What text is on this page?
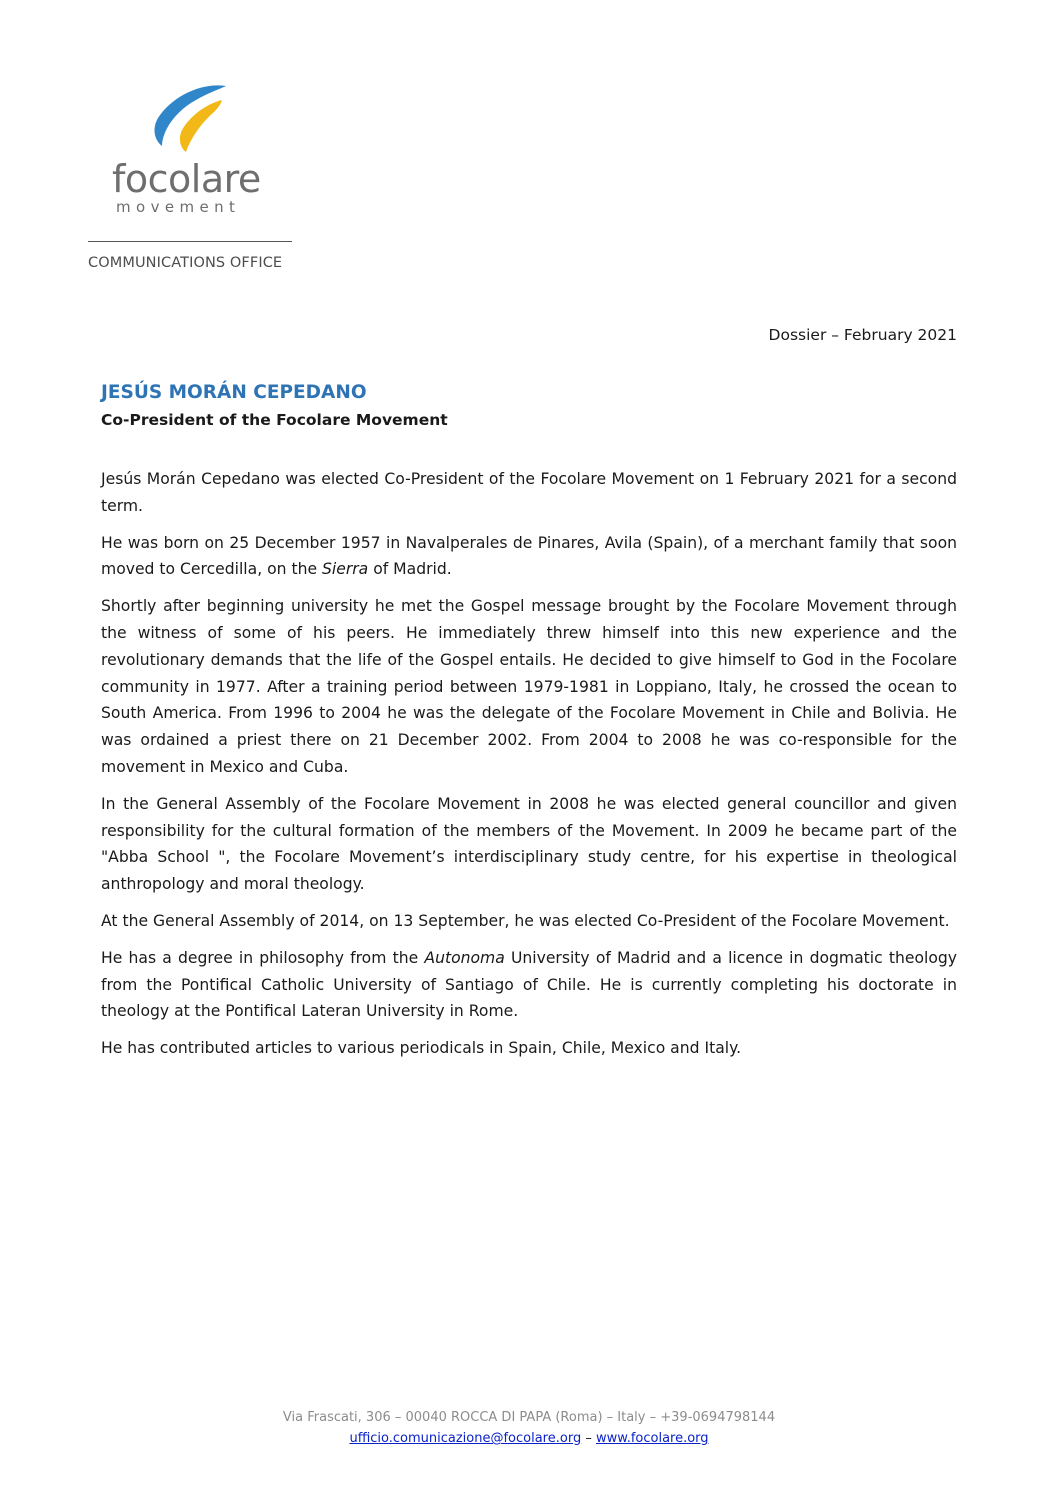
focolare
movement
COMMUNICATIONS OFFICE
Dossier – February 2021
JESÚS MORÁN CEPEDANO
Co-President of the Focolare Movement

Jesús Morán Cepedano was elected Co-President of the Focolare Movement on 1 February 2021 for a second term.

He was born on 25 December 1957 in Navalperales de Pinares, Avila (Spain), of a merchant family that soon moved to Cercedilla, on the Sierra of Madrid.

Shortly after beginning university he met the Gospel message brought by the Focolare Movement through the witness of some of his peers. He immediately threw himself into this new experience and the revolutionary demands that the life of the Gospel entails. He decided to give himself to God in the Focolare community in 1977. After a training period between 1979-1981 in Loppiano, Italy, he crossed the ocean to South America. From 1996 to 2004 he was the delegate of the Focolare Movement in Chile and Bolivia. He was ordained a priest there on 21 December 2002. From 2004 to 2008 he was co-responsible for the movement in Mexico and Cuba.

In the General Assembly of the Focolare Movement in 2008 he was elected general councillor and given responsibility for the cultural formation of the members of the Movement. In 2009 he became part of the "Abba School ", the Focolare Movement’s interdisciplinary study centre, for his expertise in theological anthropology and moral theology.

At the General Assembly of 2014, on 13 September, he was elected Co-President of the Focolare Movement.

He has a degree in philosophy from the Autonoma University of Madrid and a licence in dogmatic theology from the Pontifical Catholic University of Santiago of Chile. He is currently completing his doctorate in theology at the Pontifical Lateran University in Rome.

He has contributed articles to various periodicals in Spain, Chile, Mexico and Italy.

Via Frascati, 306 – 00040 ROCCA DI PAPA (Roma) – Italy – +39-0694798144
ufficio.comunicazione@focolare.org – www.focolare.org
